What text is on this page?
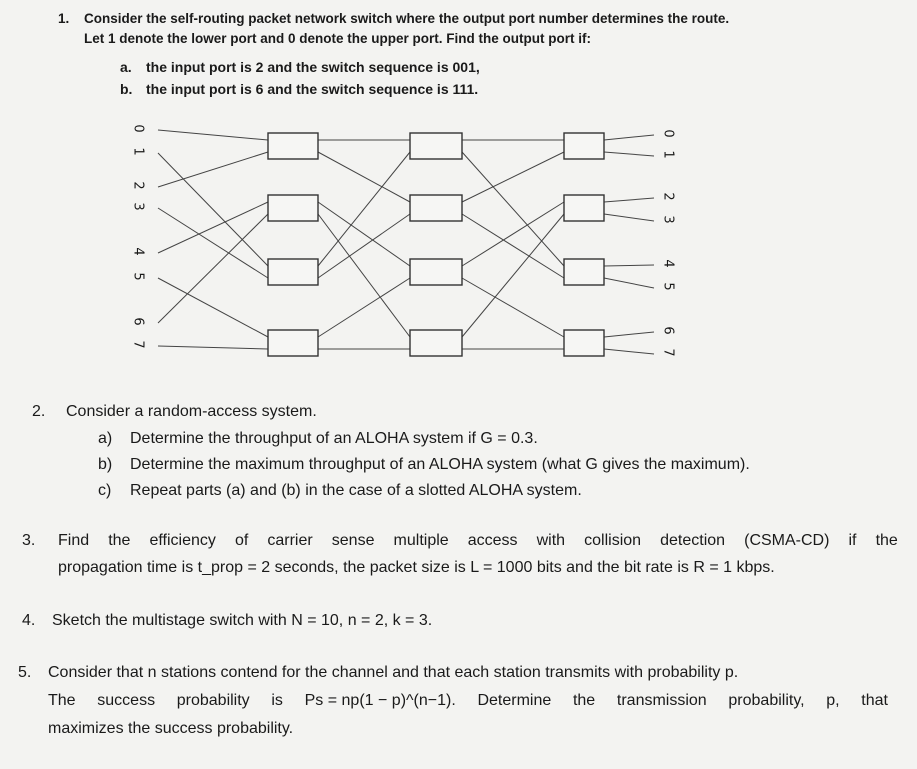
1. Consider the self-routing packet network switch where the output port number determines the route.
Let 1 denote the lower port and 0 denote the upper port. Find the output port if:
a. the input port is 2 and the switch sequence is 001,
b. the input port is 6 and the switch sequence is 111.
0
1
2
3
4
5
6
7
0
1
2
3
4
5
6
7
2. Consider a random-access system.
a) Determine the throughput of an ALOHA system if G = 0.3.
b) Determine the maximum throughput of an ALOHA system (what G gives the maximum).
c) Repeat parts (a) and (b) in the case of a slotted ALOHA system.
3. Find the efficiency of carrier sense multiple access with collision detection (CSMA-CD) if the
propagation time is t_prop = 2 seconds, the packet size is L = 1000 bits and the bit rate is R = 1 kbps.
4. Sketch the multistage switch with N = 10, n = 2, k = 3.
5. Consider that n stations contend for the channel and that each station transmits with probability p.
The success probability is Ps = np(1 − p)^(n−1). Determine the transmission probability, p, that
maximizes the success probability.
